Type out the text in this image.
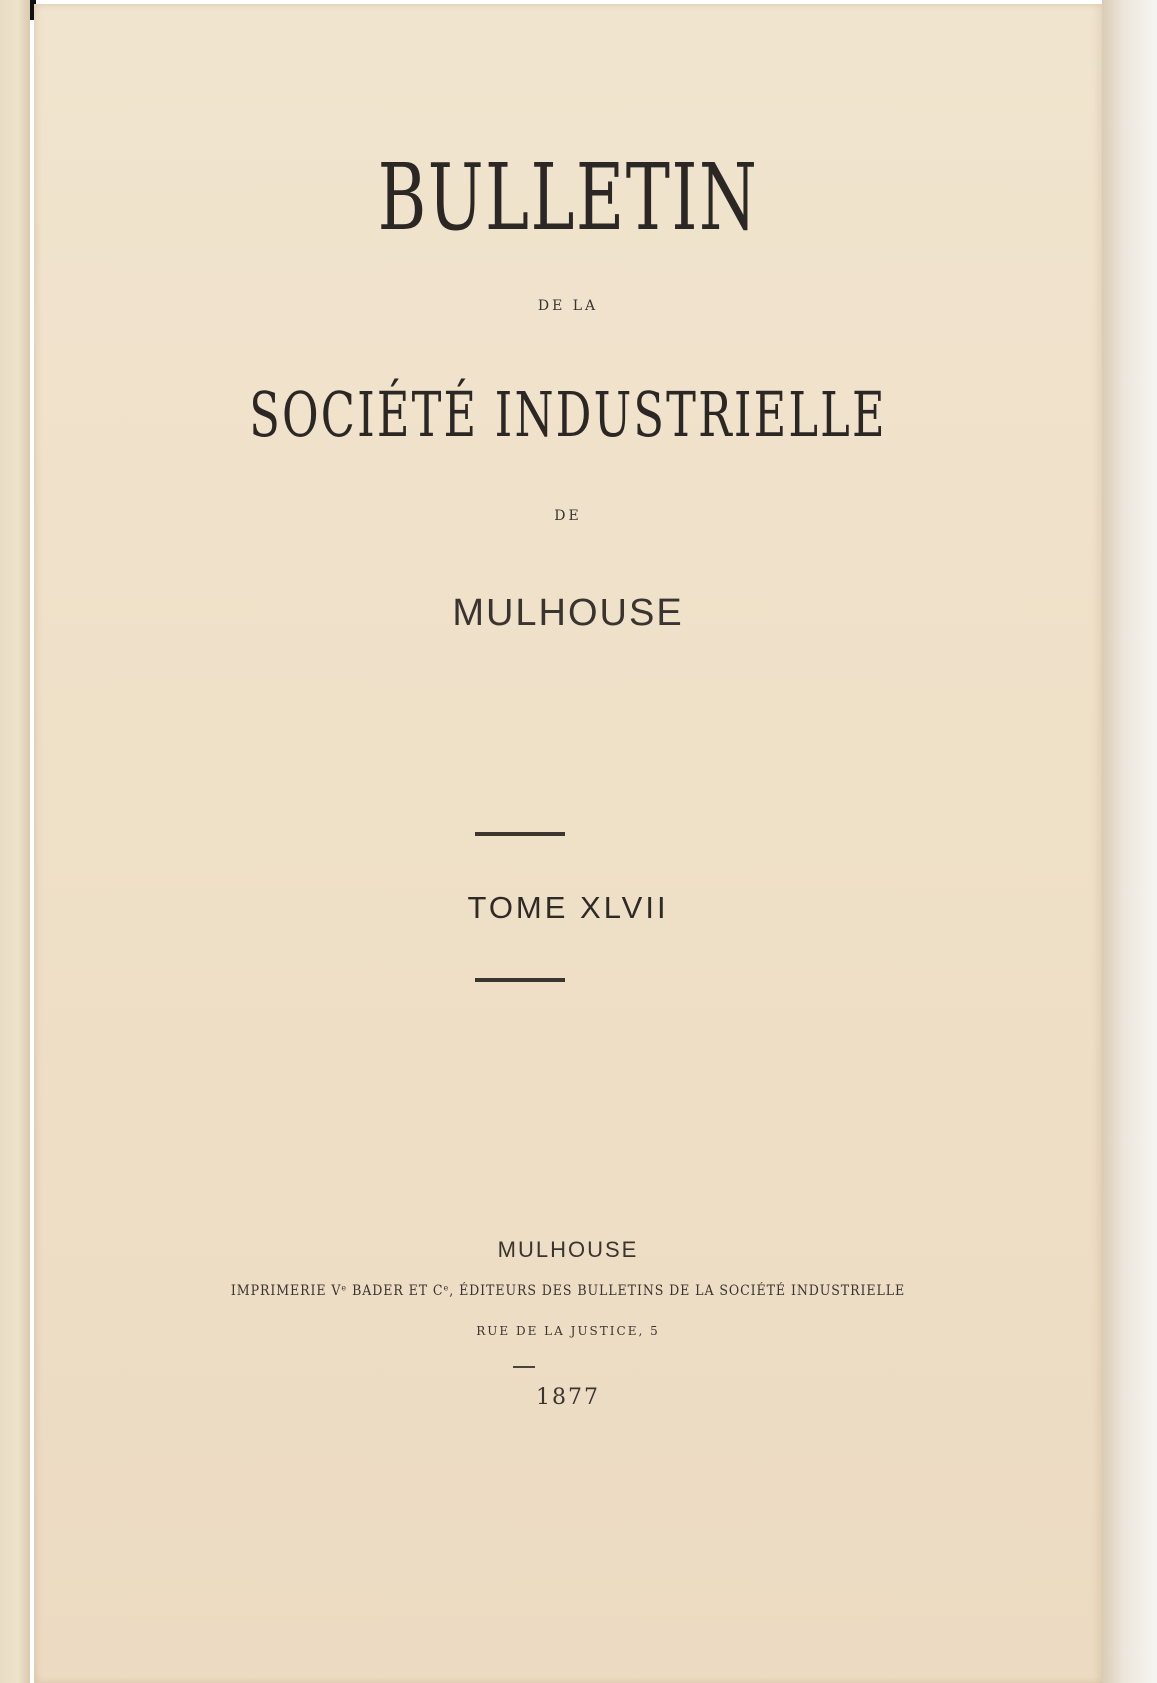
BULLETIN
DE LA
SOCIÉTÉ INDUSTRIELLE
DE
MULHOUSE
TOME XLVII
MULHOUSE
IMPRIMERIE Vᵉ BADER ET Cᵉ, ÉDITEURS DES BULLETINS DE LA SOCIÉTÉ INDUSTRIELLE
RUE DE LA JUSTICE, 5
1877
